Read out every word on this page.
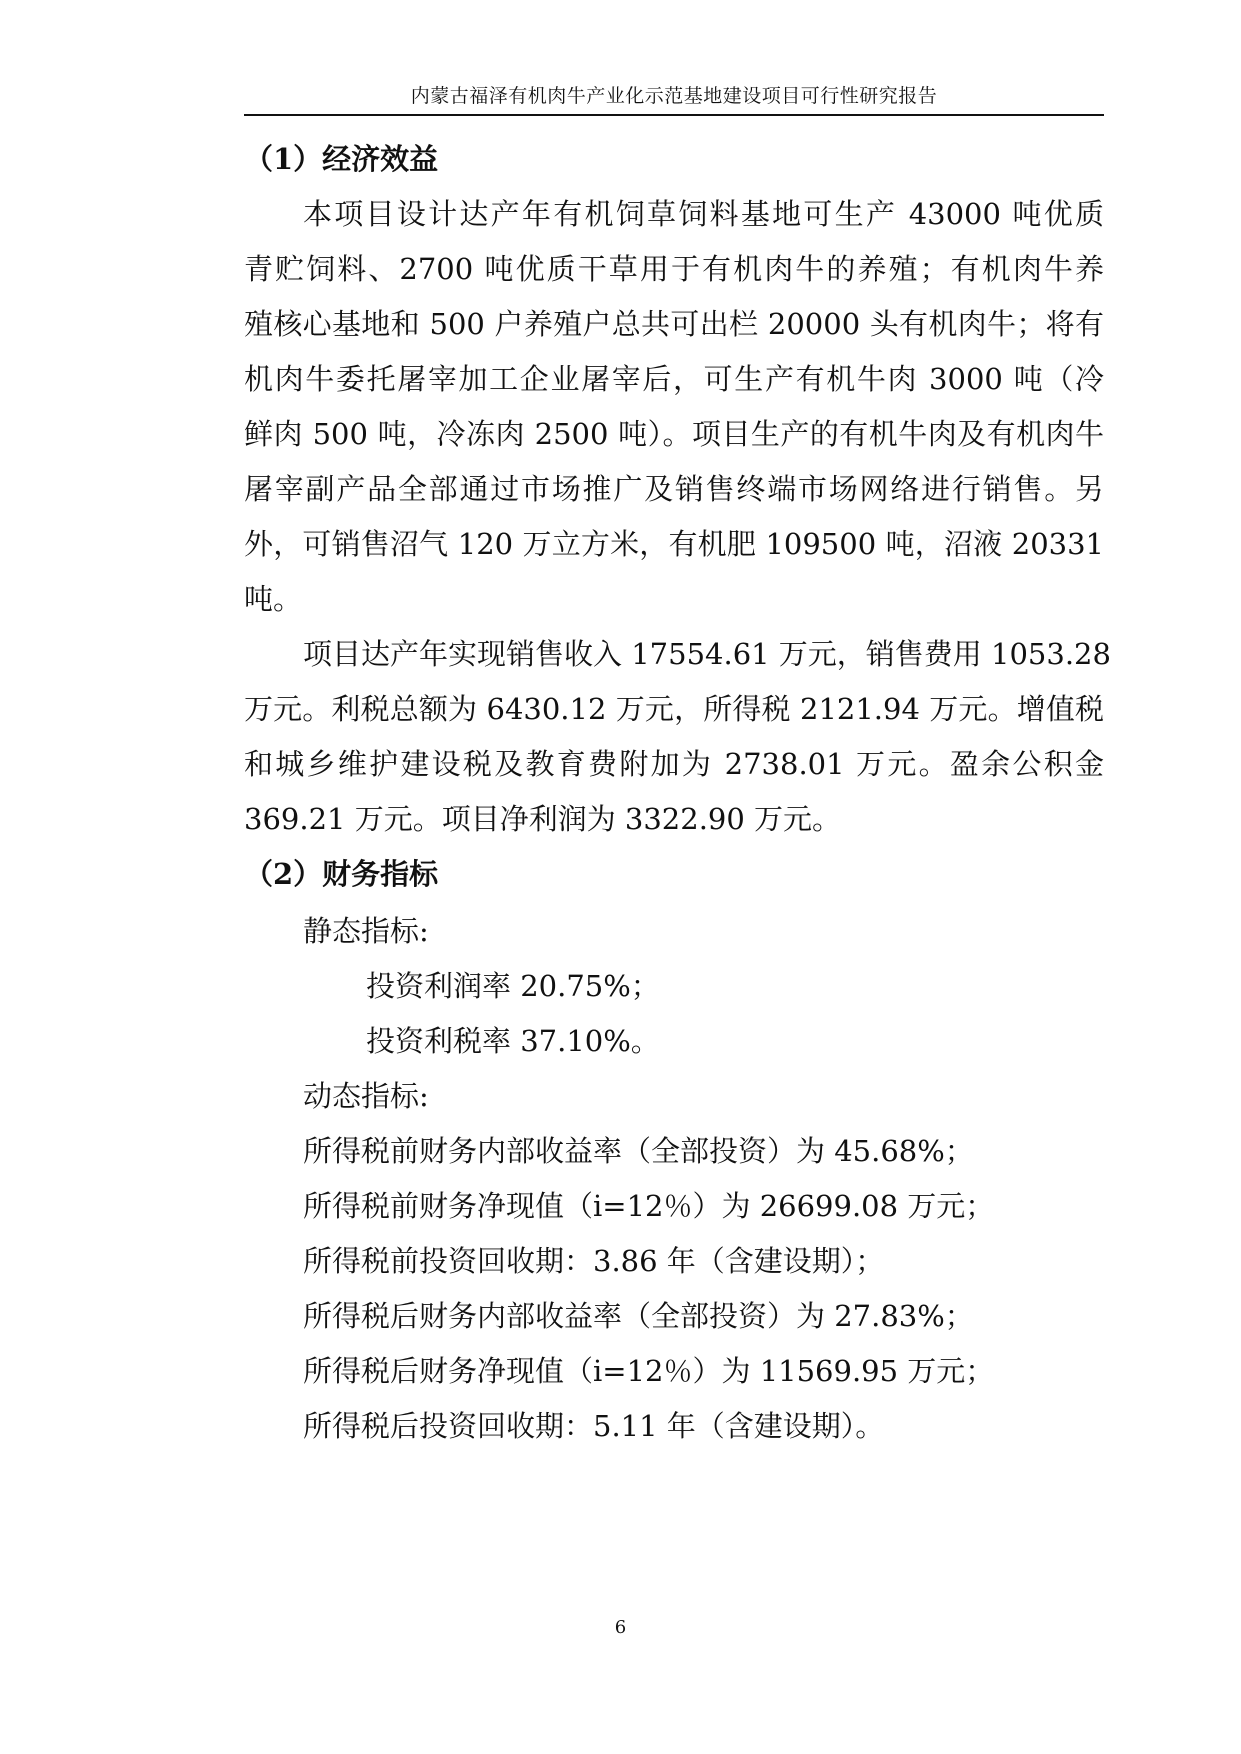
内蒙古福泽有机肉牛产业化示范基地建设项目可行性研究报告
（1）经济效益
本项目设计达产年有机饲草饲料基地可生产 43000 吨优质
青贮饲料、2700 吨优质干草用于有机肉牛的养殖；有机肉牛养
殖核心基地和 500 户养殖户总共可出栏 20000 头有机肉牛；将有
机肉牛委托屠宰加工企业屠宰后，可生产有机牛肉 3000 吨（冷
鲜肉 500 吨，冷冻肉 2500 吨）。项目生产的有机牛肉及有机肉牛
屠宰副产品全部通过市场推广及销售终端市场网络进行销售。另
外，可销售沼气 120 万立方米，有机肥 109500 吨，沼液 20331
吨。
项目达产年实现销售收入 17554.61 万元，销售费用 1053.28
万元。利税总额为 6430.12 万元，所得税 2121.94 万元。增值税
和城乡维护建设税及教育费附加为 2738.01 万元。盈余公积金
369.21 万元。项目净利润为 3322.90 万元。
（2）财务指标
静态指标:
投资利润率 20.75%；
投资利税率 37.10%。
动态指标:
所得税前财务内部收益率（全部投资）为 45.68%；
所得税前财务净现值（i=12％）为 26699.08 万元；
所得税前投资回收期：3.86 年（含建设期）；
所得税后财务内部收益率（全部投资）为 27.83%；
所得税后财务净现值（i=12％）为 11569.95 万元；
所得税后投资回收期：5.11 年（含建设期）。
6
